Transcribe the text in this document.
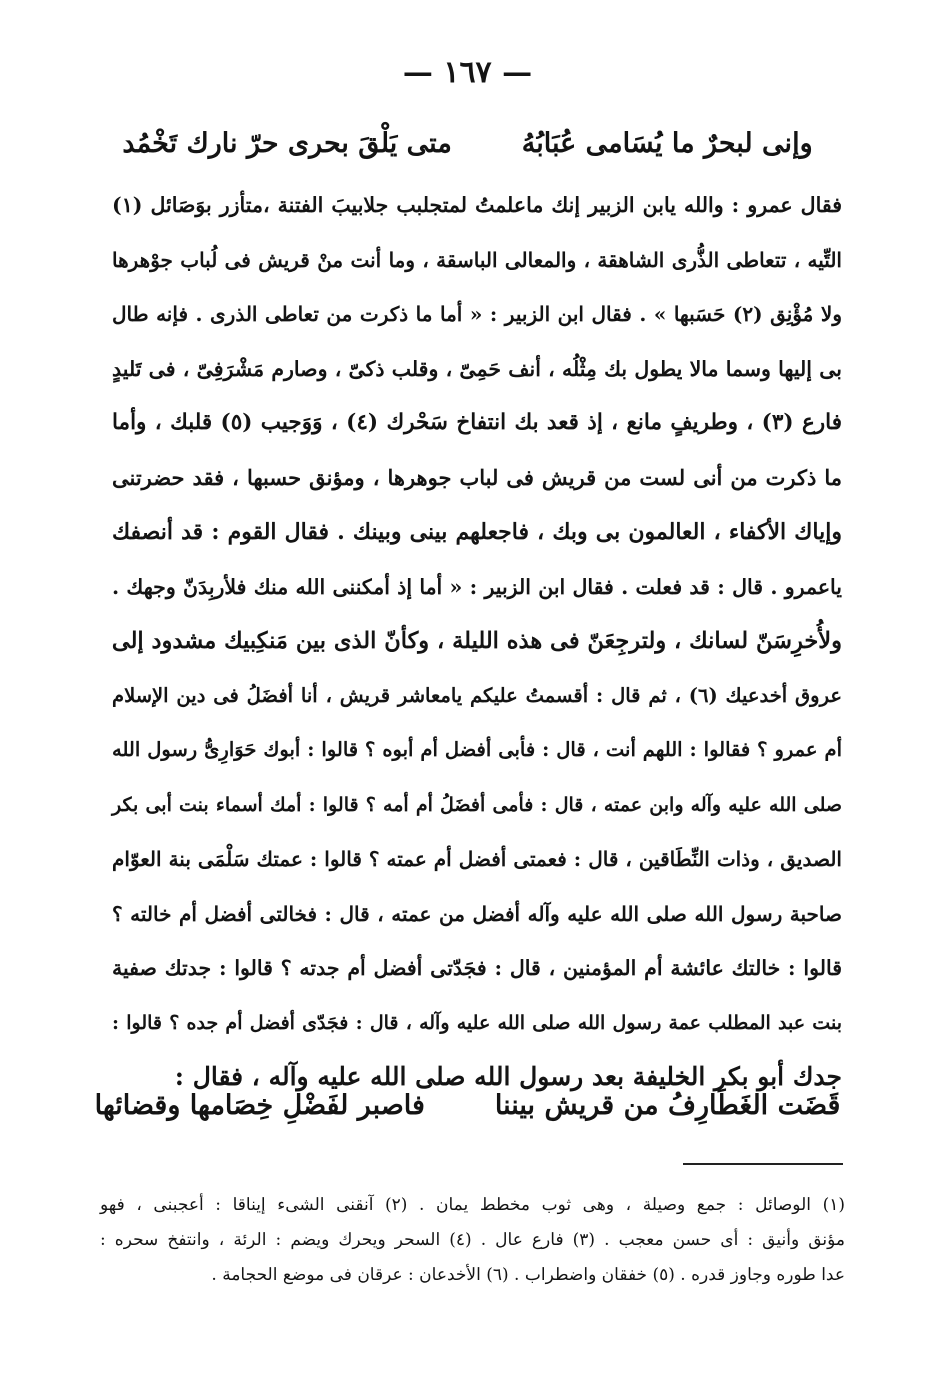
— ١٦٧ —
وإنى لبحرٌ ما يُسَامى عُبَابُهُ
متى يَلْقَ بحرى حرّ نارك تَخْمُد
فقال عمرو : والله يابن الزبير إنك ماعلمتُ لمتجلبب جلابيبَ الفتنة ،متأزر بوَصَائل (١)
التِّيه ، تتعاطى الذُّرى الشاهقة ، والمعالى الباسقة ، وما أنت منْ قريش فى لُباب جوْهرها
ولا مُؤْنِق (٢) حَسَبها » . فقال ابن الزبير : « أما ما ذكرت من تعاطى الذرى . فإنه طال
بى إليها وسما مالا يطول بك مِثْلُه ، أنف حَمِىّ ، وقلب ذكىّ ، وصارم مَشْرَفِىّ ، فى تَليدٍ
فارع (٣) ، وطريفٍ مانع ، إذ قعد بك انتفاخ سَحْرك (٤) ، وَوَجيب (٥) قلبك ، وأما
ما ذكرت من أنى لست من قريش فى لباب جوهرها ، ومؤنق حسبها ، فقد حضرتنى
وإياك الأكفاء ، العالمون بى وبك ، فاجعلهم بينى وبينك . فقال القوم : قد أنصفك
ياعمرو . قال : قد فعلت . فقال ابن الزبير : « أما إذ أمكننى الله منك فلأربِدَنّ وجهك .
ولأُخرِسَنّ لسانك ، ولترجِعَنّ فى هذه الليلة ، وكأنّ الذى بين مَنكِبيك مشدود إلى
عروق أخدعيك (٦) ، ثم قال : أقسمتُ عليكم يامعاشر قريش ، أنا أفضَلُ فى دين الإسلام
أم عمرو ؟ فقالوا : اللهم أنت ، قال : فأبى أفضل أم أبوه ؟ قالوا : أبوك حَوَارِىُّ رسول الله
صلى الله عليه وآله وابن عمته ، قال : فأمى أفضَلُ أم أمه ؟ قالوا : أمك أسماء بنت أبى بكر
الصديق ، وذات النِّطَاقين ، قال : فعمتى أفضل أم عمته ؟ قالوا : عمتك سَلْمَى بنة العوّام
صاحبة رسول الله صلى الله عليه وآله أفضل من عمته ، قال : فخالتى أفضل أم خالته ؟
قالوا : خالتك عائشة أم المؤمنين ، قال : فجَدّتى أفضل أم جدته ؟ قالوا : جدتك صفية
بنت عبد المطلب عمة رسول الله صلى الله عليه وآله ، قال : فجَدّى أفضل أم جده ؟ قالوا :
جدك أبو بكر الخليفة بعد رسول الله صلى الله عليه وآله ، فقال :
قَضَت الغَطَارِفُ من قريش بيننا
فاصبر لفَضْلِ خِصَامها وقضائها
(١) الوصائل : جمع وصيلة ، وهى ثوب مخطط يمان . (٢) آنقنى الشىء إيناقا : أعجبنى ، فهو
مؤنق وأنيق : أى حسن معجب . (٣) فارع عال . (٤) السحر ويحرك ويضم : الرئة ، وانتفخ سحره :
عدا طوره وجاوز قدره . (٥) خفقان واضطراب . (٦) الأخدعان : عرقان فى موضع الحجامة .
